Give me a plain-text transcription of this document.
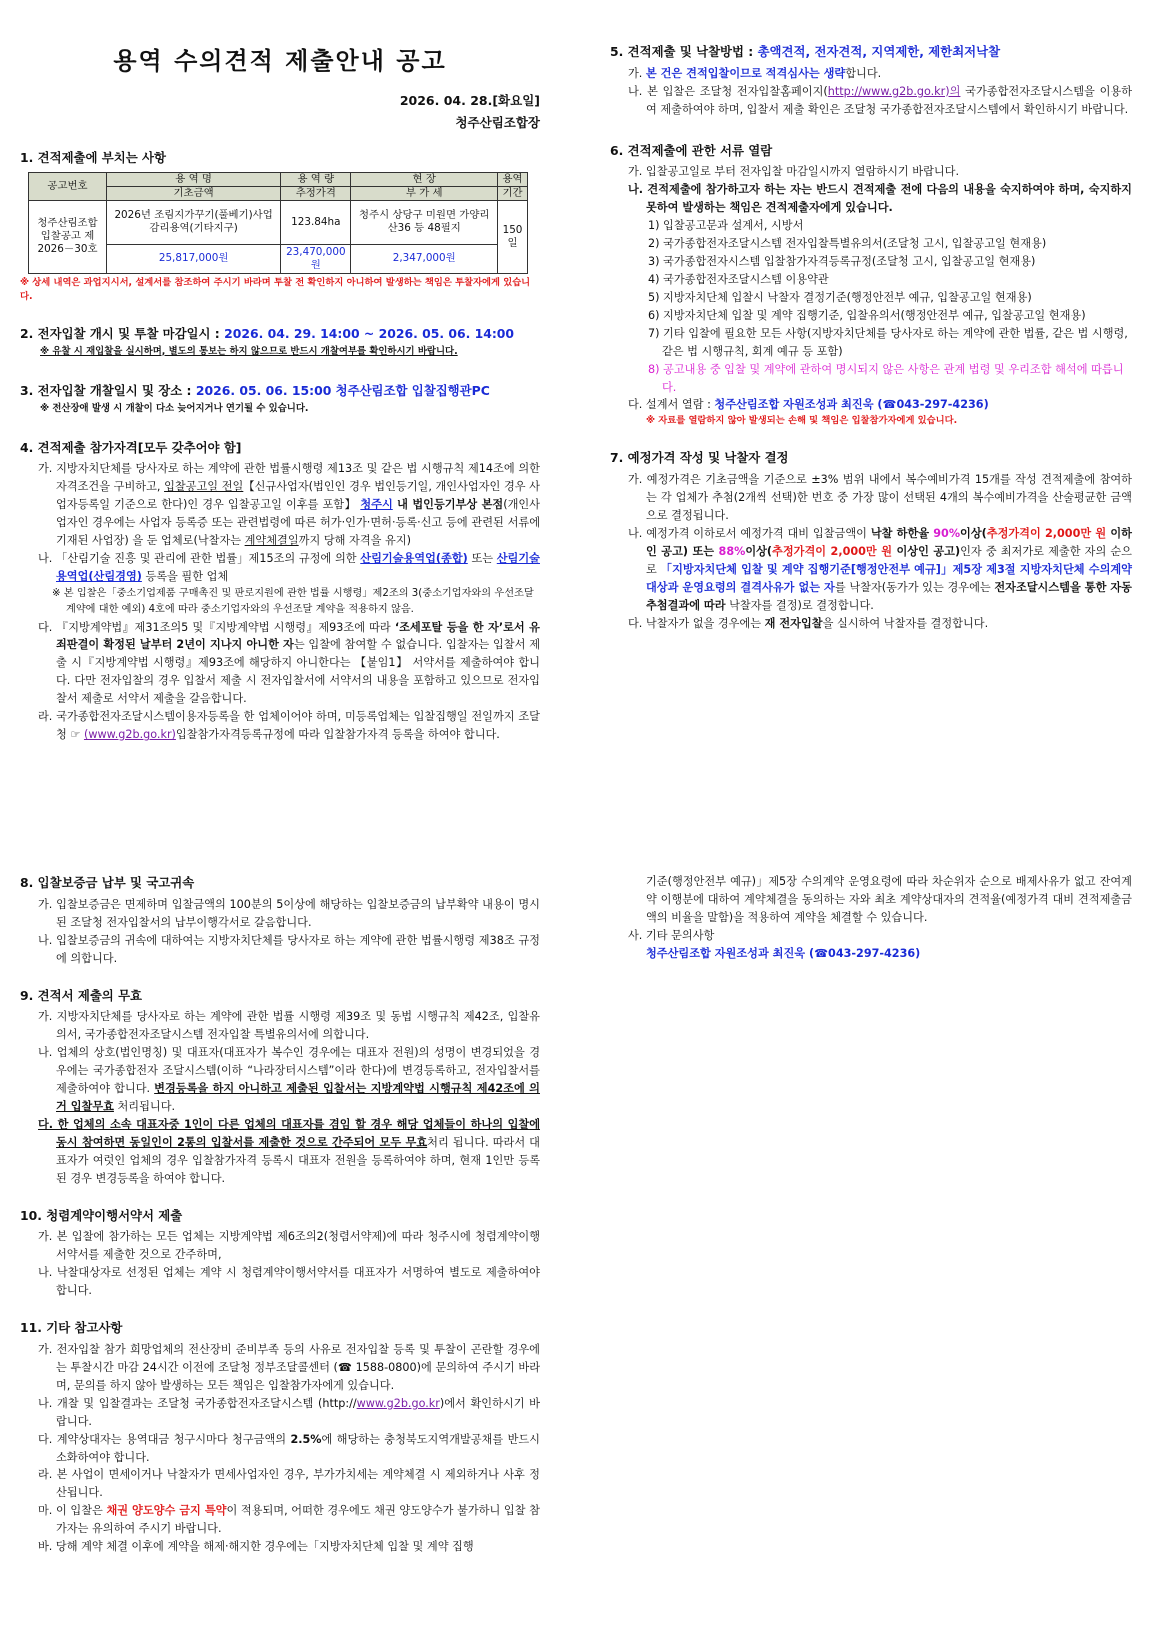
용역 수의견적 제출안내 공고
2026. 04. 28.[화요일]
청주산림조합장
1. 견적제출에 부치는 사항
공고번호	용 역 명	용 역 량	현 장	용역
	기초금액	추정가격	부 가 세	기간
청주산림조합 입찰공고 제2026－30호	2026년 조림지가꾸기(풀베기)사업 감리용역(기타지구)	123.84ha	청주시 상당구 미원면 가양리 산36 등 48필지	150일
	25,817,000원	23,470,000원	2,347,000원	
※ 상세 내역은 과업지시서, 설계서를 참조하여 주시기 바라며 투찰 전 확인하지 아니하여 발생하는 책임은 투찰자에게 있습니다.
2. 전자입찰 개시 및 투찰 마감일시 : 2026. 04. 29. 14:00 ~ 2026. 05. 06. 14:00
※ 유찰 시 재입찰을 실시하며, 별도의 통보는 하지 않으므로 반드시 개찰여부를 확인하시기 바랍니다.
3. 전자입찰 개찰일시 및 장소 : 2026. 05. 06. 15:00 청주산림조합 입찰집행관PC
※ 전산장애 발생 시 개찰이 다소 늦어지거나 연기될 수 있습니다.
4. 견적제출 참가자격[모두 갖추어야 함]
가. 지방자치단체를 당사자로 하는 계약에 관한 법률시행령 제13조 및 같은 법 시행규칙 제14조에 의한 자격조건을 구비하고, 입찰공고일 전일【신규사업자(법인인 경우 법인등기일, 개인사업자인 경우 사업자등록일 기준으로 한다)인 경우 입찰공고일 이후를 포함】 청주시 내 법인등기부상 본점(개인사업자인 경우에는 사업자 등록증 또는 관련법령에 따른 허가·인가·면허·등록·신고 등에 관련된 서류에 기재된 사업장) 을 둔 업체로(낙찰자는 계약체결일까지 당해 자격을 유지)
나. 「산림기술 진흥 및 관리에 관한 법률」제15조의 규정에 의한 산림기술용역업(종합) 또는 산림기술용역업(산림경영) 등록을 필한 업체
※ 본 입찰은「중소기업제품 구매촉진 및 판로지원에 관한 법률 시행령」제2조의 3(중소기업자와의 우선조달계약에 대한 예외) 4호에 따라 중소기업자와의 우선조달 계약을 적용하지 않음.
다. 『지방계약법』제31조의5 및『지방계약법 시행령』제93조에 따라 ‘조세포탈 등을 한 자’로서 유죄판결이 확정된 날부터 2년이 지나지 아니한 자는 입찰에 참여할 수 없습니다. 입찰자는 입찰서 제출 시『지방계약법 시행령』제93조에 해당하지 아니한다는 【붙임1】 서약서를 제출하여야 합니다. 다만 전자입찰의 경우 입찰서 제출 시 전자입찰서에 서약서의 내용을 포함하고 있으므로 전자입찰서 제출로 서약서 제출을 갈음합니다.
라. 국가종합전자조달시스템이용자등록을 한 업체이어야 하며, 미등록업체는 입찰집행일 전일까지 조달청 ☞ (www.g2b.go.kr)입찰참가자격등록규정에 따라 입찰참가자격 등록을 하여야 합니다.
5. 견적제출 및 낙찰방법 : 총액견적, 전자견적, 지역제한, 제한최저낙찰
가. 본 건은 견적입찰이므로 적격심사는 생략합니다.
나. 본 입찰은 조달청 전자입찰홈페이지(http://www.g2b.go.kr)의 국가종합전자조달시스템을 이용하여 제출하여야 하며, 입찰서 제출 확인은 조달청 국가종합전자조달시스템에서 확인하시기 바랍니다.
6. 견적제출에 관한 서류 열람
가. 입찰공고일로 부터 전자입찰 마감일시까지 열람하시기 바랍니다.
나. 견적제출에 참가하고자 하는 자는 반드시 견적제출 전에 다음의 내용을 숙지하여야 하며, 숙지하지 못하여 발생하는 책임은 견적제출자에게 있습니다.
1) 입찰공고문과 설계서, 시방서
2) 국가종합전자조달시스템 전자입찰특별유의서(조달청 고시, 입찰공고일 현재용)
3) 국가종합전자시스템 입찰참가자격등록규정(조달청 고시, 입찰공고일 현재용)
4) 국가종합전자조달시스템 이용약관
5) 지방자치단체 입찰시 낙찰자 결정기준(행정안전부 예규, 입찰공고일 현재용)
6) 지방자치단체 입찰 및 계약 집행기준, 입찰유의서(행정안전부 예규, 입찰공고일 현재용)
7) 기타 입찰에 필요한 모든 사항(지방자치단체를 당사자로 하는 계약에 관한 법률, 같은 법 시행령, 같은 법 시행규칙, 회계 예규 등 포함)
8) 공고내용 중 입찰 및 계약에 관하여 명시되지 않은 사항은 관계 법령 및 우리조합 해석에 따릅니다.
다. 설계서 열람 : 청주산림조합 자원조성과 최진욱 (☎043-297-4236)
※ 자료를 열람하지 않아 발생되는 손해 및 책임은 입찰참가자에게 있습니다.
7. 예정가격 작성 및 낙찰자 결정
가. 예정가격은 기초금액을 기준으로 ±3% 범위 내에서 복수예비가격 15개를 작성 견적제출에 참여하는 각 업체가 추첨(2개씩 선택)한 번호 중 가장 많이 선택된 4개의 복수예비가격을 산술평균한 금액으로 결정됩니다.
나. 예정가격 이하로서 예정가격 대비 입찰금액이 낙찰 하한율 90%이상(추정가격이 2,000만 원 이하인 공고) 또는 88%이상(추정가격이 2,000만 원 이상인 공고)인자 중 최저가로 제출한 자의 순으로 「지방자치단체 입찰 및 계약 집행기준[행정안전부 예규]」제5장 제3절 지방자치단체 수의계약 대상과 운영요령의 결격사유가 없는 자를 낙찰자(동가가 있는 경우에는 전자조달시스템을 통한 자동추첨결과에 따라 낙찰자를 결정)로 결정합니다.
다. 낙찰자가 없을 경우에는 재 전자입찰을 실시하여 낙찰자를 결정합니다.
8. 입찰보증금 납부 및 국고귀속
가. 입찰보증금은 면제하며 입찰금액의 100분의 5이상에 해당하는 입찰보증금의 납부확약 내용이 명시된 조달청 전자입찰서의 납부이행각서로 갈음합니다.
나. 입찰보증금의 귀속에 대하여는 지방자치단체를 당사자로 하는 계약에 관한 법률시행령 제38조 규정에 의합니다.
9. 견적서 제출의 무효
가. 지방자치단체를 당사자로 하는 계약에 관한 법률 시행령 제39조 및 동법 시행규칙 제42조, 입찰유의서, 국가종합전자조달시스템 전자입찰 특별유의서에 의합니다.
나. 업체의 상호(법인명칭) 및 대표자(대표자가 복수인 경우에는 대표자 전원)의 성명이 변경되었을 경우에는 국가종합전자 조달시스템(이하 “나라장터시스템”이라 한다)에 변경등록하고, 전자입찰서를 제출하여야 합니다. 변경등록을 하지 아니하고 제출된 입찰서는 지방계약법 시행규칙 제42조에 의거 입찰무효 처리됩니다.
다. 한 업체의 소속 대표자중 1인이 다른 업체의 대표자를 겸임 할 경우 해당 업체들이 하나의 입찰에 동시 참여하면 동일인이 2통의 입찰서를 제출한 것으로 간주되어 모두 무효처리 됩니다. 따라서 대표자가 여럿인 업체의 경우 입찰참가자격 등록시 대표자 전원을 등록하여야 하며, 현재 1인만 등록된 경우 변경등록을 하여야 합니다.
10. 청렴계약이행서약서 제출
가. 본 입찰에 참가하는 모든 업체는 지방계약법 제6조의2(청렴서약제)에 따라 청주시에 청렴계약이행서약서를 제출한 것으로 간주하며,
나. 낙찰대상자로 선정된 업체는 계약 시 청렴계약이행서약서를 대표자가 서명하여 별도로 제출하여야 합니다.
11. 기타 참고사항
가. 전자입찰 참가 희망업체의 전산장비 준비부족 등의 사유로 전자입찰 등록 및 투찰이 곤란할 경우에는 투찰시간 마감 24시간 이전에 조달청 정부조달콜센터 (☎ 1588-0800)에 문의하여 주시기 바라며, 문의를 하지 않아 발생하는 모든 책임은 입찰참가자에게 있습니다.
나. 개찰 및 입찰결과는 조달청 국가종합전자조달시스템 (http://www.g2b.go.kr)에서 확인하시기 바랍니다.
다. 계약상대자는 용역대금 청구시마다 청구금액의 2.5%에 해당하는 충청북도지역개발공채를 반드시 소화하여야 합니다.
라. 본 사업이 면세이거나 낙찰자가 면세사업자인 경우, 부가가치세는 계약체결 시 제외하거나 사후 정산됩니다.
마. 이 입찰은 채권 양도양수 금지 특약이 적용되며, 어떠한 경우에도 채권 양도양수가 불가하니 입찰 참가자는 유의하여 주시기 바랍니다.
바. 당해 계약 체결 이후에 계약을 해제·해지한 경우에는「지방자치단체 입찰 및 계약 집행
기준(행정안전부 예규)」제5장 수의계약 운영요령에 따라 차순위자 순으로 배제사유가 없고 잔여계약 이행분에 대하여 계약체결을 동의하는 자와 최초 계약상대자의 견적율(예정가격 대비 견적제출금액의 비율을 말함)을 적용하여 계약을 체결할 수 있습니다.
사. 기타 문의사항
청주산림조합 자원조성과 최진욱 (☎043-297-4236)
